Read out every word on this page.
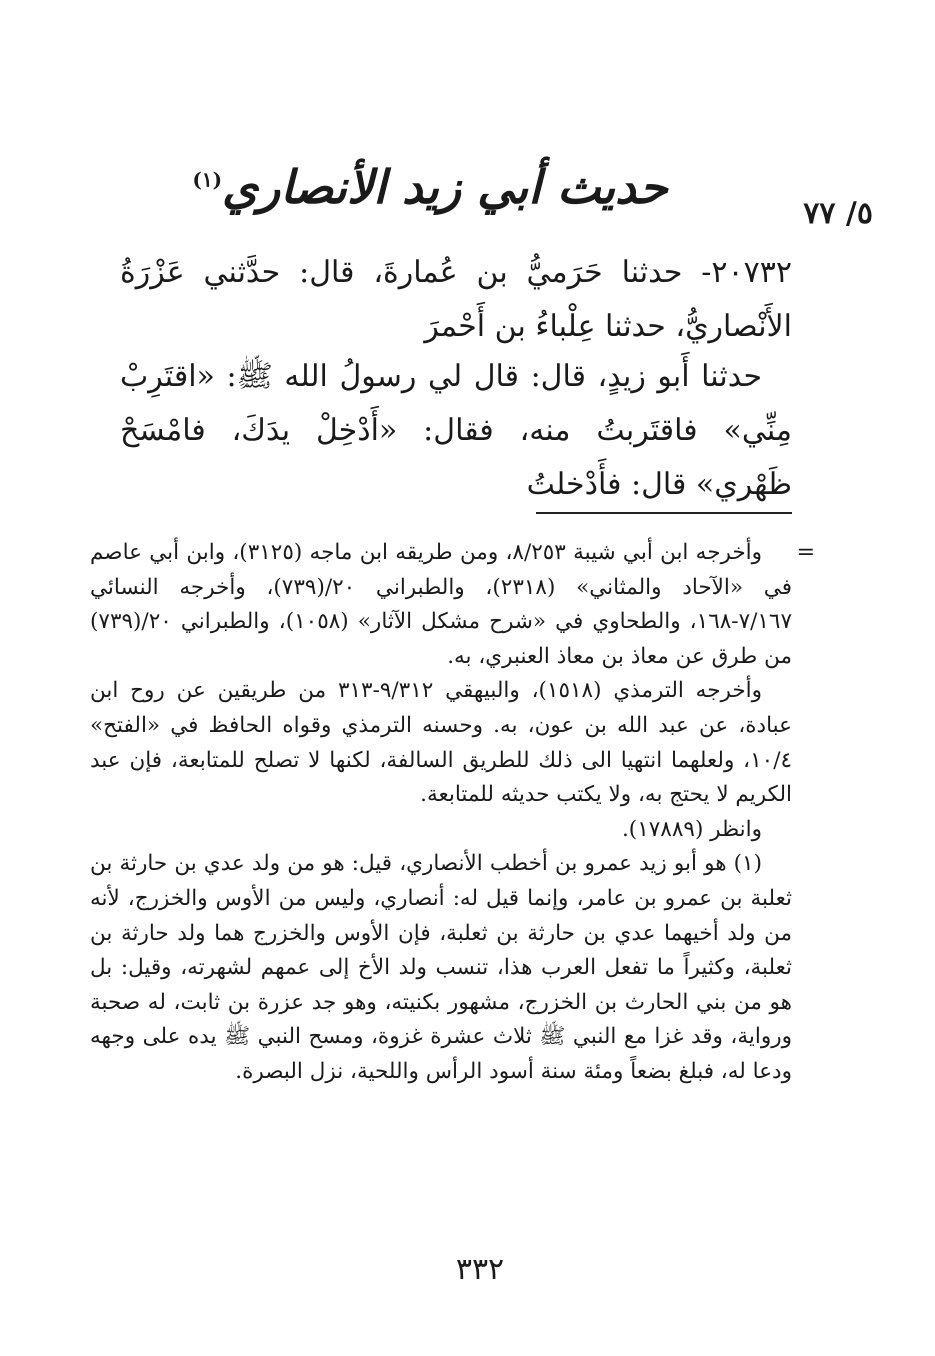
٥/ ٧٧
حديث أبي زيد الأنصاري$^{(١)}$

٢٠٧٣٢- حدثنا حَرَميُّ بن عُمارةَ، قال: حدَّثني عَزْرَةُ الأَنْصاريُّ، حدثنا عِلْباءُ بن أَحْمرَ

حدثنا أَبو زيدٍ، قال: قال لي رسولُ الله ﷺ: «اقتَرِبْ مِنِّي» فاقتَربتُ منه، فقال: «أَدْخِلْ يدَكَ، فامْسَحْ ظَهْري» قال: فأَدْخلتُ

=

وأخرجه ابن أبي شيبة ٨/٢٥٣، ومن طريقه ابن ماجه (٣١٢٥)، وابن أبي عاصم في «الآحاد والمثاني» (٢٣١٨)، والطبراني ٢٠/(٧٣٩)، وأخرجه النسائي ٧/١٦٧-١٦٨، والطحاوي في «شرح مشكل الآثار» (١٠٥٨)، والطبراني ٢٠/(٧٣٩) من طرق عن معاذ بن معاذ العنبري، به.

وأخرجه الترمذي (١٥١٨)، والبيهقي ٩/٣١٢-٣١٣ من طريقين عن روح ابن عبادة، عن عبد الله بن عون، به. وحسنه الترمذي وقواه الحافظ في «الفتح» ١٠/٤، ولعلهما انتهيا الى ذلك للطريق السالفة، لكنها لا تصلح للمتابعة، فإن عبد الكريم لا يحتج به، ولا يكتب حديثه للمتابعة.

وانظر (١٧٨٨٩).

(١) هو أبو زيد عمرو بن أخطب الأنصاري، قيل: هو من ولد عدي بن حارثة بن ثعلبة بن عمرو بن عامر، وإنما قيل له: أنصاري، وليس من الأوس والخزرج، لأنه من ولد أخيهما عدي بن حارثة بن ثعلبة، فإن الأوس والخزرج هما ولد حارثة بن ثعلبة، وكثيراً ما تفعل العرب هذا، تنسب ولد الأخ إلى عمهم لشهرته، وقيل: بل هو من بني الحارث بن الخزرج، مشهور بكنيته، وهو جد عزرة بن ثابت، له صحبة ورواية، وقد غزا مع النبي ﷺ ثلاث عشرة غزوة، ومسح النبي ﷺ يده على وجهه ودعا له، فبلغ بضعاً ومئة سنة أسود الرأس واللحية، نزل البصرة.

٣٣٢
